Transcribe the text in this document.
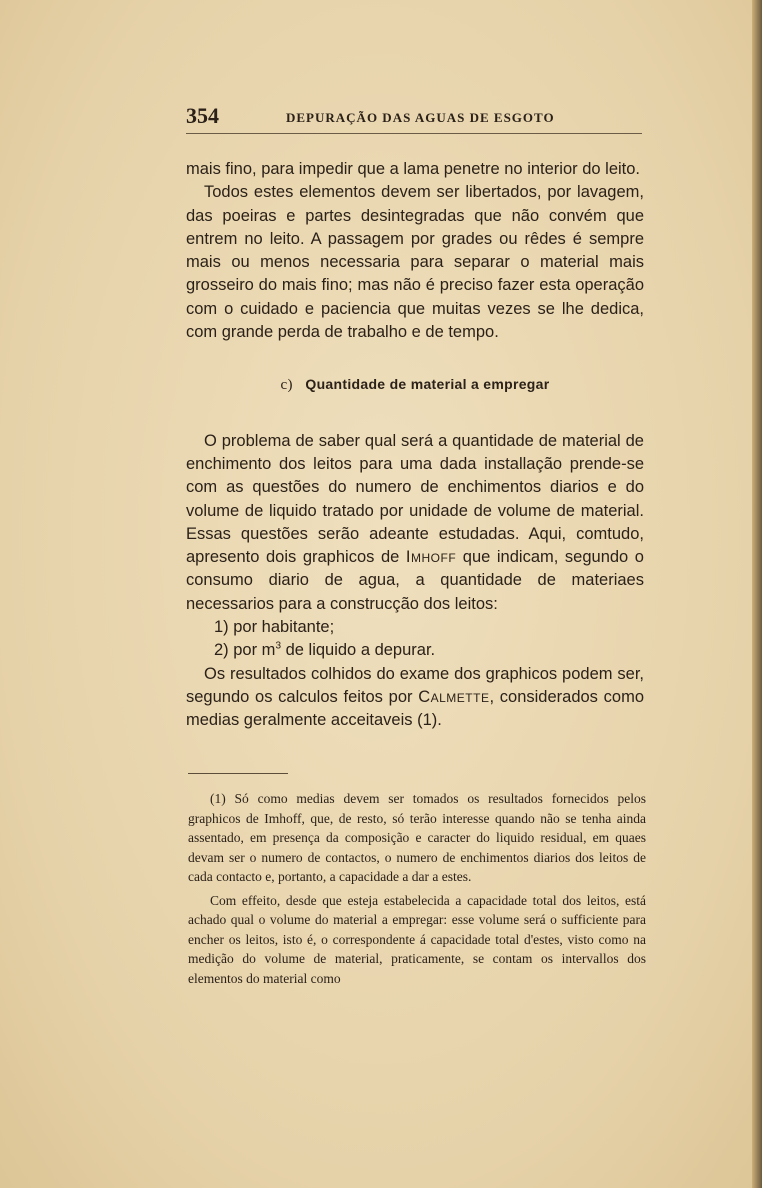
354	DEPURAÇÃO DAS AGUAS DE ESGOTO

mais fino, para impedir que a lama penetre no interior do leito.

Todos estes elementos devem ser libertados, por lavagem, das poeiras e partes desintegradas que não convém que entrem no leito. A passagem por grades ou rêdes é sempre mais ou menos necessaria para separar o material mais grosseiro do mais fino; mas não é preciso fazer esta operação com o cuidado e paciencia que muitas vezes se lhe dedica, com grande perda de trabalho e de tempo.

c) Quantidade de material a empregar

O problema de saber qual será a quantidade de material de enchimento dos leitos para uma dada installação prende-se com as questões do numero de enchimentos diarios e do volume de liquido tratado por unidade de volume de material. Essas questões serão adeante estudadas. Aqui, comtudo, apresento dois graphicos de Imhoff que indicam, segundo o consumo diario de agua, a quantidade de materiaes necessarios para a construcção dos leitos:

1) por habitante;

2) por $m^3$ de liquido a depurar.

Os resultados colhidos do exame dos graphicos podem ser, segundo os calculos feitos por Calmette, considerados como medias geralmente acceitaveis (1).

(1) Só como medias devem ser tomados os resultados fornecidos pelos graphicos de Imhoff, que, de resto, só terão interesse quando não se tenha ainda assentado, em presença da composição e caracter do liquido residual, em quaes devam ser o numero de contactos, o numero de enchimentos diarios dos leitos de cada contacto e, portanto, a capacidade a dar a estes.

Com effeito, desde que esteja estabelecida a capacidade total dos leitos, está achado qual o volume do material a empregar: esse volume será o sufficiente para encher os leitos, isto é, o correspondente á capacidade total d'estes, visto como na medição do volume de material, praticamente, se contam os intervallos dos elementos do material como
